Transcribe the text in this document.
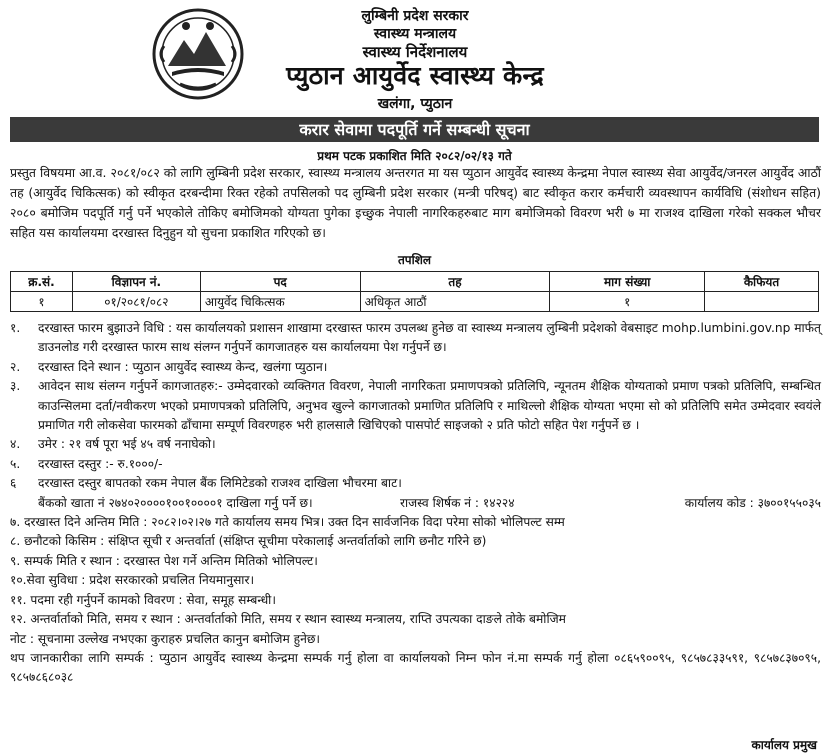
लुम्बिनी प्रदेश सरकार
स्वास्थ्य मन्त्रालय
स्वास्थ्य निर्देशनालय
प्युठान आयुर्वेद स्वास्थ्य केन्द्र
खलंगा, प्युठान
करार सेवामा पदपूर्ति गर्ने सम्बन्धी सूचना
प्रथम पटक प्रकाशित मिति २०८२/०२/१३ गते
प्रस्तुत विषयमा आ.व. २०८१/०८२ को लागि लुम्बिनी प्रदेश सरकार, स्वास्थ्य मन्त्रालय अन्तरगत मा यस प्युठान आयुर्वेद स्वास्थ्य केन्द्रमा नेपाल स्वास्थ्य सेवा आयुर्वेद/जनरल आयुर्वेद आठौं तह (आयुर्वेद चिकित्सक) को स्वीकृत दरबन्दीमा रिक्त रहेको तपसिलको पद लुम्बिनी प्रदेश सरकार (मन्त्री परिषद्) बाट स्वीकृत करार कर्मचारी व्यवस्थापन कार्यविधि (संशोधन सहित) २०८० बमोजिम पदपूर्ति गर्नु पर्ने भएकोले तोकिए बमोजिमको योग्यता पुगेका इच्छुक नेपाली नागरिकहरुबाट माग बमोजिमको विवरण भरी ७ मा राजश्व दाखिला गरेको सक्कल भौचर सहित यस कार्यालयमा दरखास्त दिनुहुन यो सुचना प्रकाशित गरिएको छ।
तपशिल
क्र.सं.	विज्ञापन नं.	पद	तह	माग संख्या	कैफियत
१	०१/२०८१/०८२	आयुर्वेद चिकित्सक	अधिकृत आठौं	१	
१.	दरखास्त फारम बुझाउने विधि : यस कार्यालयको प्रशासन शाखामा दरखास्त फारम उपलब्ध हुनेछ वा स्वास्थ्य मन्त्रालय लुम्बिनी प्रदेशको वेबसाइट mohp.lumbini.gov.np मार्फत् डाउनलोड गरी दरखास्त फारम साथ संलग्न गर्नुपर्ने कागजातहरु यस कार्यालयमा पेश गर्नुपर्ने छ।
२.	दरखास्त दिने स्थान : प्युठान आयुर्वेद स्वास्थ्य केन्द, खलंगा प्युठान।
३.	आवेदन साथ संलग्न गर्नुपर्ने कागजातहरु:- उम्मेदवारको व्यक्तिगत विवरण, नेपाली नागरिकता प्रमाणपत्रको प्रतिलिपि, न्यूनतम शैक्षिक योग्यताको प्रमाण पत्रको प्रतिलिपि, सम्बन्धित काउन्सिलमा दर्ता/नवीकरण भएको प्रमाणपत्रको प्रतिलिपि, अनुभव खुल्ने कागजातको प्रमाणित प्रतिलिपि र माथिल्लो शैक्षिक योग्यता भएमा सो को प्रतिलिपि समेत उम्मेदवार स्वयंले प्रमाणित गरी लोकसेवा फारमको ढाँचामा सम्पूर्ण विवरणहरु भरी हालसालै खिचिएको पासपोर्ट साइजको २ प्रति फोटो सहित पेश गर्नुपर्ने छ ।
४.	उमेर : २१ वर्ष पूरा भई ४५ वर्ष ननाघेको।
५.	दरखास्त दस्तुर :- रु.१०००/-
६	दरखास्त दस्तुर बापतको रकम नेपाल बैंक लिमिटेडको राजश्व दाखिला भौचरमा बाट।
बैंकको खाता नं २७४०२००००१००१००००१ दाखिला गर्नु पर्ने छ।	राजस्व शिर्षक नं : १४२२४	कार्यालय कोड : ३७००१५५०३५
७. दरखास्त दिने अन्तिम मिति : २०८२।०२।२७ गते कार्यालय समय भित्र। उक्त दिन सार्वजनिक विदा परेमा सोको भोलिपल्ट सम्म
८. छनौटको किसिम : संक्षिप्त सूची र अन्तर्वार्ता (संक्षिप्त सूचीमा परेकालाई अन्तर्वार्ताको लागि छनौट गरिने छ)
९. सम्पर्क मिति र स्थान : दरखास्त पेश गर्ने अन्तिम मितिको भोलिपल्ट।
१०.सेवा सुविधा : प्रदेश सरकारको प्रचलित नियमानुसार।
११. पदमा रही गर्नुपर्ने कामको विवरण : सेवा, समूह सम्बन्धी।
१२. अन्तर्वार्ताको मिति, समय र स्थान : अन्तर्वार्ताको मिति, समय र स्थान स्वास्थ्य मन्त्रालय, राप्ति उपत्यका दाङले तोके बमोजिम
नोट : सूचनामा उल्लेख नभएका कुराहरु प्रचलित कानुन बमोजिम हुनेछ।
थप जानकारीका लागि सम्पर्क : प्युठान आयुर्वेद स्वास्थ्य केन्द्रमा सम्पर्क गर्नु होला वा कार्यालयको निम्न फोन नं.मा सम्पर्क गर्नु होला ०८६५९००९५, ९८५७८३३५९१, ९८५७८३७०९५, ९८५७८६८०३८
कार्यालय प्रमुख
